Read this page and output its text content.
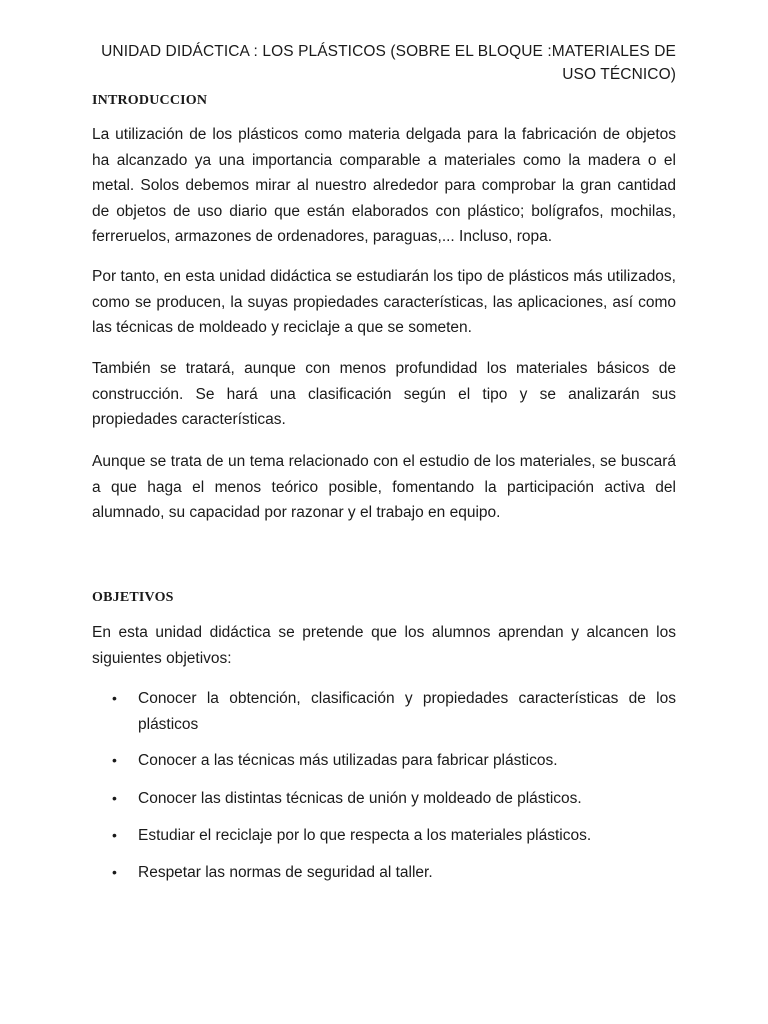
UNIDAD DIDÁCTICA : LOS PLÁSTICOS (SOBRE EL BLOQUE :MATERIALES DE
USO TÉCNICO)
INTRODUCCION

La utilización de los plásticos como materia delgada para la fabricación de objetos ha alcanzado ya una importancia comparable a materiales como la madera o el metal. Solos debemos mirar al nuestro alrededor para comprobar la gran cantidad de objetos de uso diario que están elaborados con plástico; bolígrafos, mochilas, ferreruelos, armazones de ordenadores, paraguas,... Incluso, ropa.

Por tanto, en esta unidad didáctica se estudiarán los tipo de plásticos más utilizados, como se producen, la suyas propiedades características, las aplicaciones, así como las técnicas de moldeado y reciclaje a que se someten.

También se tratará, aunque con menos profundidad los materiales básicos de construcción. Se hará una clasificación según el tipo y se analizarán sus propiedades características.

Aunque se trata de un tema relacionado con el estudio de los materiales, se buscará a que haga el menos teórico posible, fomentando la participación activa del alumnado, su capacidad por razonar y el trabajo en equipo.

OBJETIVOS

En esta unidad didáctica se pretende que los alumnos aprendan y alcancen los siguientes objetivos:

• Conocer la obtención, clasificación y propiedades características de los plásticos
• Conocer a las técnicas más utilizadas para fabricar plásticos.
• Conocer las distintas técnicas de unión y moldeado de plásticos.
• Estudiar el reciclaje por lo que respecta a los materiales plásticos.
• Respetar las normas de seguridad al taller.
